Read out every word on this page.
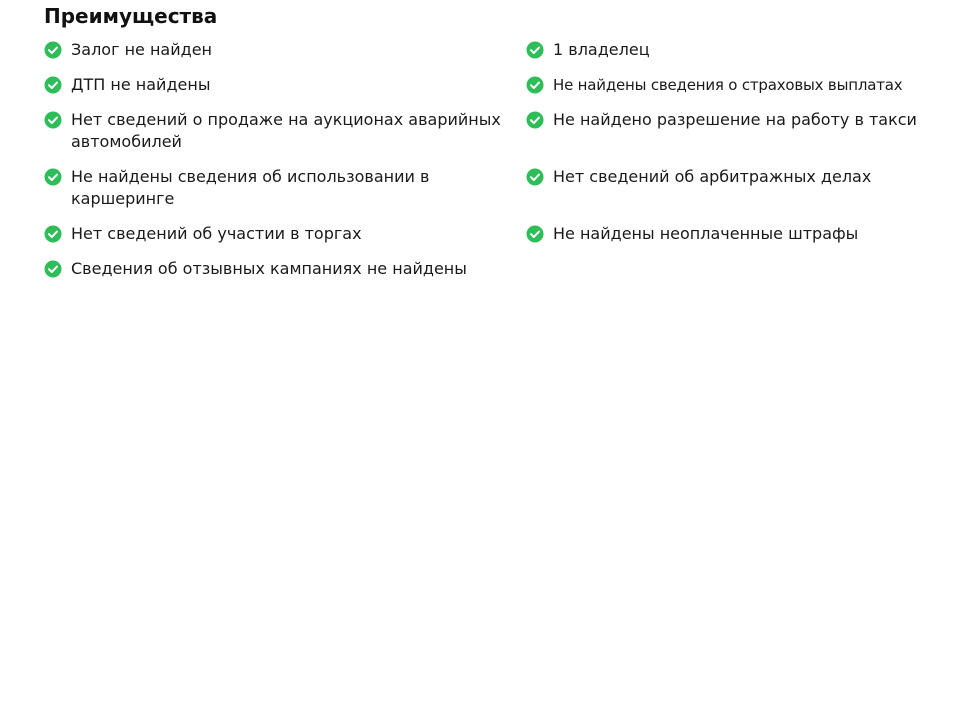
Преимущества
Залог не найден
ДТП не найдены
Нет сведений о продаже на аукционах аварийных автомобилей
Не найдены сведения об использовании в каршеринге
Нет сведений об участии в торгах
Сведения об отзывных кампаниях не найдены
1 владелец
Не найдены сведения о страховых выплатах
Не найдено разрешение на работу в такси
Нет сведений об арбитражных делах
Не найдены неоплаченные штрафы
